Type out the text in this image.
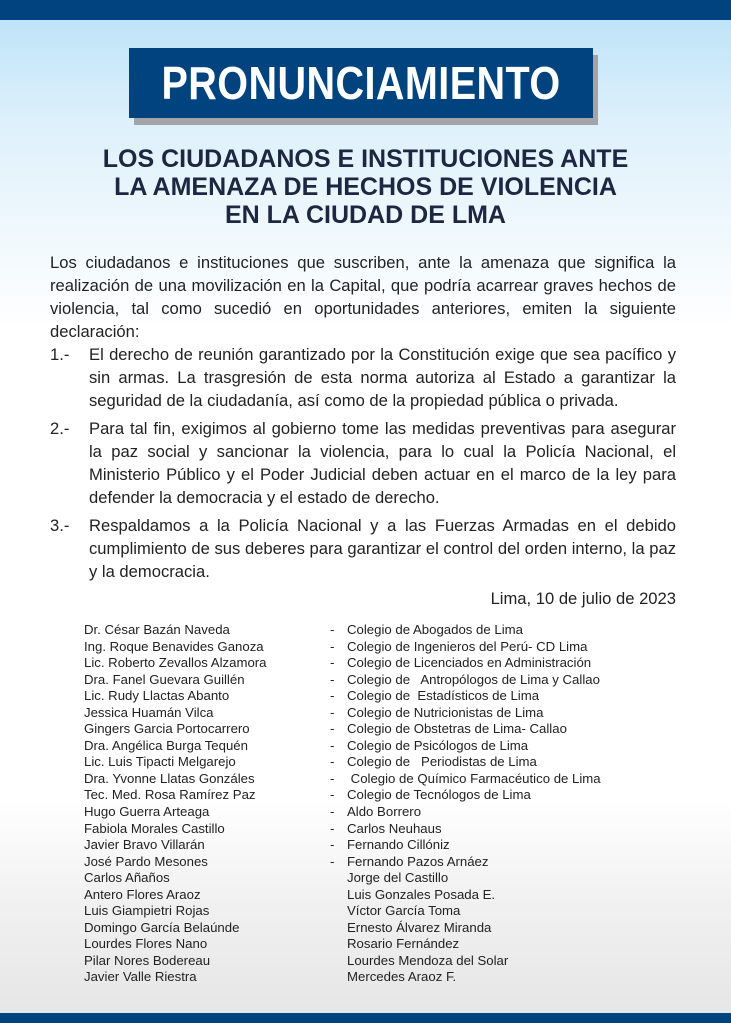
PRONUNCIAMIENTO
LOS CIUDADANOS E INSTITUCIONES ANTE
LA AMENAZA DE HECHOS DE VIOLENCIA
EN LA CIUDAD DE LMA

Los ciudadanos e instituciones que suscriben, ante la amenaza que significa la realización de una movilización en la Capital, que podría acarrear graves hechos de violencia, tal como sucedió en oportunidades anteriores, emiten la siguiente declaración:

1.-	El derecho de reunión garantizado por la Constitución exige que sea pacífico y sin armas. La trasgresión de esta norma autoriza al Estado a garantizar la seguridad de la ciudadanía, así como de la propiedad pública o privada.
2.-	Para tal fin, exigimos al gobierno tome las medidas preventivas para asegurar la paz social y sancionar la violencia, para lo cual la Policía Nacional, el Ministerio Público y el Poder Judicial deben actuar en el marco de la ley para defender la democracia y el estado de derecho.
3.-	Respaldamos a la Policía Nacional y a las Fuerzas Armadas en el debido cumplimiento de sus deberes para garantizar el control del orden interno, la paz y la democracia.
Lima, 10 de julio de 2023
Dr. César Bazán Naveda	- Colegio de Abogados de Lima
Ing. Roque Benavides Ganoza	- Colegio de Ingenieros del Perú- CD Lima
Lic. Roberto Zevallos Alzamora	- Colegio de Licenciados en Administración
Dra. Fanel Guevara Guillén	- Colegio de   Antropólogos de Lima y Callao
Lic. Rudy Llactas Abanto	- Colegio de  Estadísticos de Lima
Jessica Huamán Vilca	- Colegio de Nutricionistas de Lima
Gingers Garcia Portocarrero	- Colegio de Obstetras de Lima- Callao
Dra. Angélica Burga Tequén	- Colegio de Psicólogos de Lima
Lic. Luis Tipacti Melgarejo	- Colegio de   Periodistas de Lima
Dra. Yvonne Llatas Gonzáles	- Colegio de Químico Farmacéutico de Lima
Tec. Med. Rosa Ramírez Paz	- Colegio de Tecnólogos de Lima
Hugo Guerra Arteaga	- Aldo Borrero
Fabiola Morales Castillo	- Carlos Neuhaus
Javier Bravo Villarán	- Fernando Cillóniz
José Pardo Mesones	- Fernando Pazos Arnáez
Carlos Añaños	Jorge del Castillo
Antero Flores Araoz	Luis Gonzales Posada E.
Luis Giampietri Rojas	Víctor García Toma
Domingo García Belaúnde	Ernesto Álvarez Miranda
Lourdes Flores Nano	Rosario Fernández
Pilar Nores Bodereau	Lourdes Mendoza del Solar
Javier Valle Riestra	Mercedes Araoz F.
